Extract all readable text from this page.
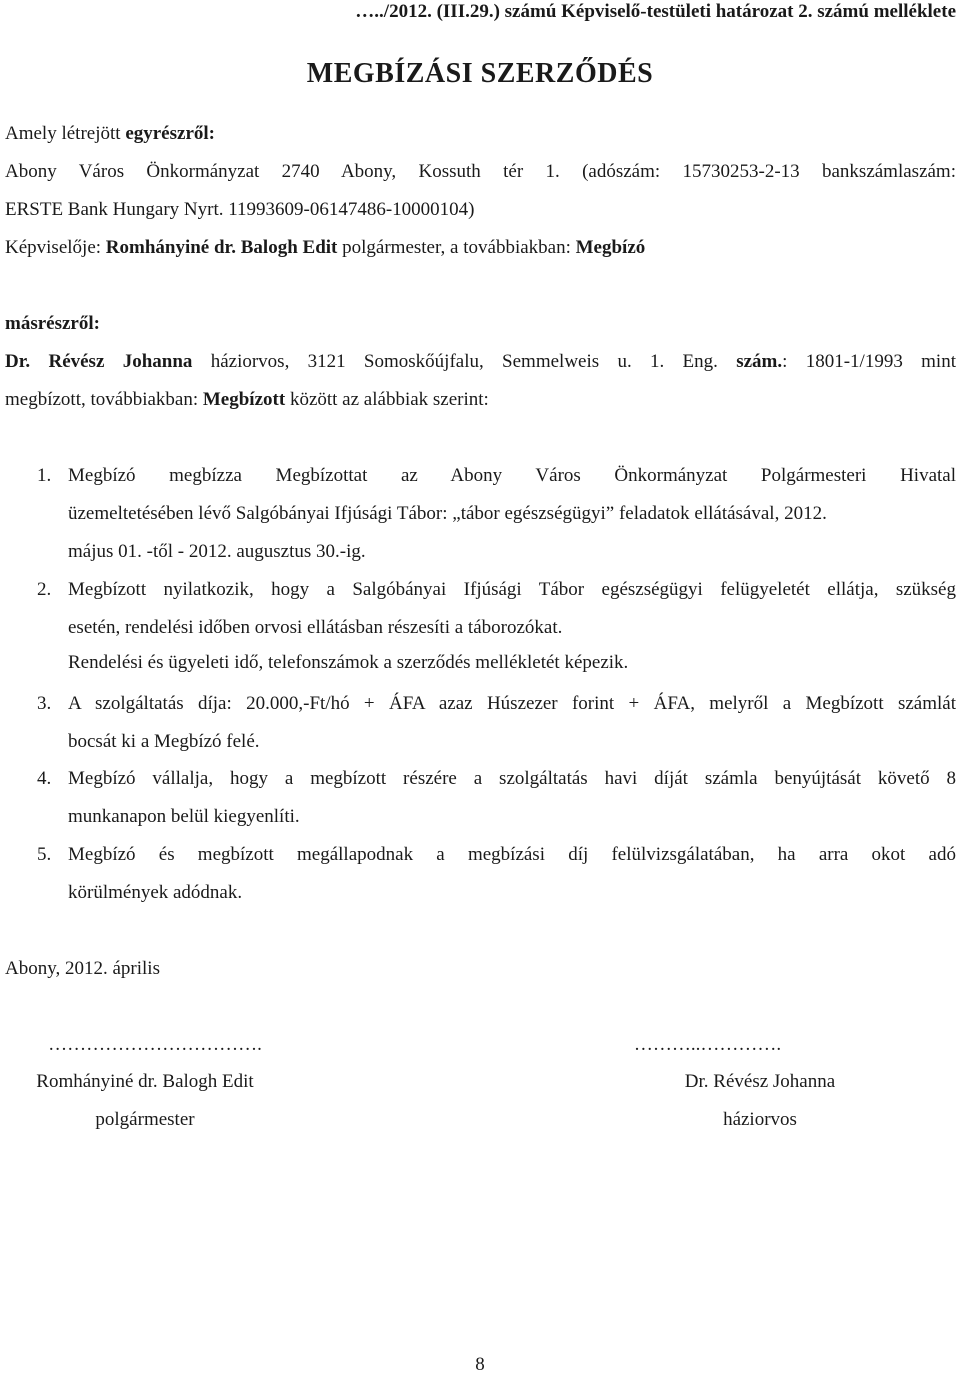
…../2012. (III.29.) számú Képviselő-testületi határozat 2. számú melléklete
MEGBÍZÁSI SZERZŐDÉS
Amely létrejött egyrészről:
Abony Város Önkormányzat 2740 Abony, Kossuth tér 1. (adószám: 15730253-2-13 bankszámlaszám:
ERSTE Bank Hungary Nyrt. 11993609-06147486-10000104)
Képviselője: Romhányiné dr. Balogh Edit polgármester, a továbbiakban: Megbízó
másrészről:
Dr. Révész Johanna háziorvos, 3121 Somoskőújfalu, Semmelweis u. 1. Eng. szám.: 1801-1/1993 mint
megbízott, továbbiakban: Megbízott között az alábbiak szerint:
1. Megbízó megbízza Megbízottat az Abony Város Önkormányzat Polgármesteri Hivatal
üzemeltetésében lévő Salgóbányai Ifjúsági Tábor: „tábor egészségügyi” feladatok ellátásával, 2012.
május 01. -től - 2012. augusztus 30.-ig.
2. Megbízott nyilatkozik, hogy a Salgóbányai Ifjúsági Tábor egészségügyi felügyeletét ellátja, szükség
esetén, rendelési időben orvosi ellátásban részesíti a táborozókat.
Rendelési és ügyeleti idő, telefonszámok a szerződés mellékletét képezik.
3. A szolgáltatás díja: 20.000,-Ft/hó + ÁFA azaz Húszezer forint + ÁFA, melyről a Megbízott számlát
bocsát ki a Megbízó felé.
4. Megbízó vállalja, hogy a megbízott részére a szolgáltatás havi díját számla benyújtását követő 8
munkanapon belül kiegyenlíti.
5. Megbízó és megbízott megállapodnak a megbízási díj felülvizsgálatában, ha arra okot adó
körülmények adódnak.
Abony, 2012. április
…………………………….
Romhányiné dr. Balogh Edit
polgármester
………..………….
Dr. Révész Johanna
háziorvos
8
